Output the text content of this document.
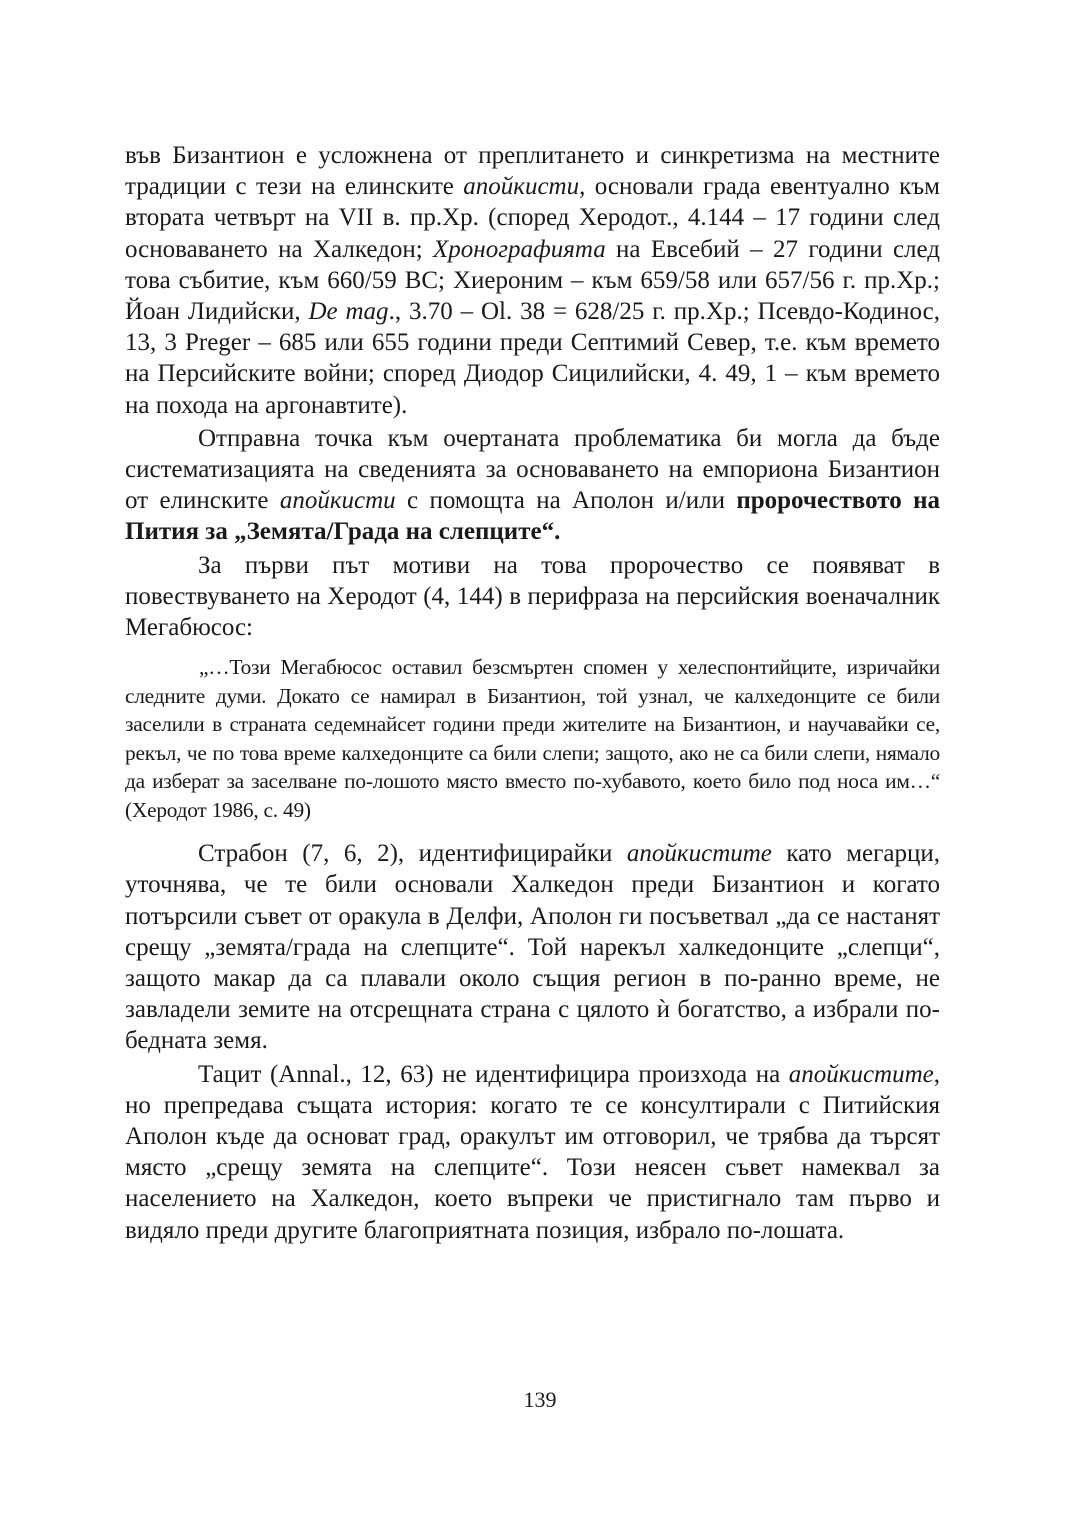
във Бизантион е усложнена от преплитането и синкретизма на местните традиции с тези на елинските апойкисти, основали града евентуално към втората четвърт на VII в. пр.Хр. (според Херодот., 4.144 – 17 години след основаването на Халкедон; Хронографията на Евсебий – 27 години след това събитие, към 660/59 ВС; Хиероним – към 659/58 или 657/56 г. пр.Хр.; Йоан Лидийски, De mag., 3.70 – Ol. 38 = 628/25 г. пр.Хр.; Псевдо-Кодинос, 13, 3 Preger – 685 или 655 години преди Септимий Север, т.е. към времето на Персийските войни; според Диодор Сицилийски, 4. 49, 1 – към времето на похода на аргонавтите).

Отправна точка към очертаната проблематика би могла да бъде систематизацията на сведенията за основаването на емпориона Бизантион от елинските апойкисти с помощта на Аполон и/или пророчеството на Пития за „Земята/Града на слепците“.

За първи път мотиви на това пророчество се появяват в повествуването на Херодот (4, 144) в перифраза на персийския военачалник Мегабюсос:

„…Този Мегабюсос оставил безсмъртен спомен у хелеспонтийците, изричайки следните думи. Докато се намирал в Бизантион, той узнал, че калхедонците се били заселили в страната седемнайсет години преди жителите на Бизантион, и научавайки се, рекъл, че по това време калхедонците са били слепи; защото, ако не са били слепи, нямало да изберат за заселване по-лошото място вместо по-хубавото, което било под носа им…“ (Херодот 1986, с. 49)

Страбон (7, 6, 2), идентифицирайки апойкистите като мегарци, уточнява, че те били основали Халкедон преди Бизантион и когато потърсили съвет от оракула в Делфи, Аполон ги посъветвал „да се настанят срещу „земята/града на слепците“. Той нарекъл халкедонците „слепци“, защото макар да са плавали около същия регион в по-ранно време, не завладели земите на отсрещната страна с цялото ѝ богатство, а избрали по-бедната земя.

Тацит (Annal., 12, 63) не идентифицира произхода на апойкистите, но препредава същата история: когато те се консултирали с Питийския Аполон къде да основат град, оракулът им отговорил, че трябва да търсят място „срещу земята на слепците“. Този неясен съвет намеквал за населението на Халкедон, което въпреки че пристигнало там първо и видяло преди другите благоприятната позиция, избрало по-лошата.

139
